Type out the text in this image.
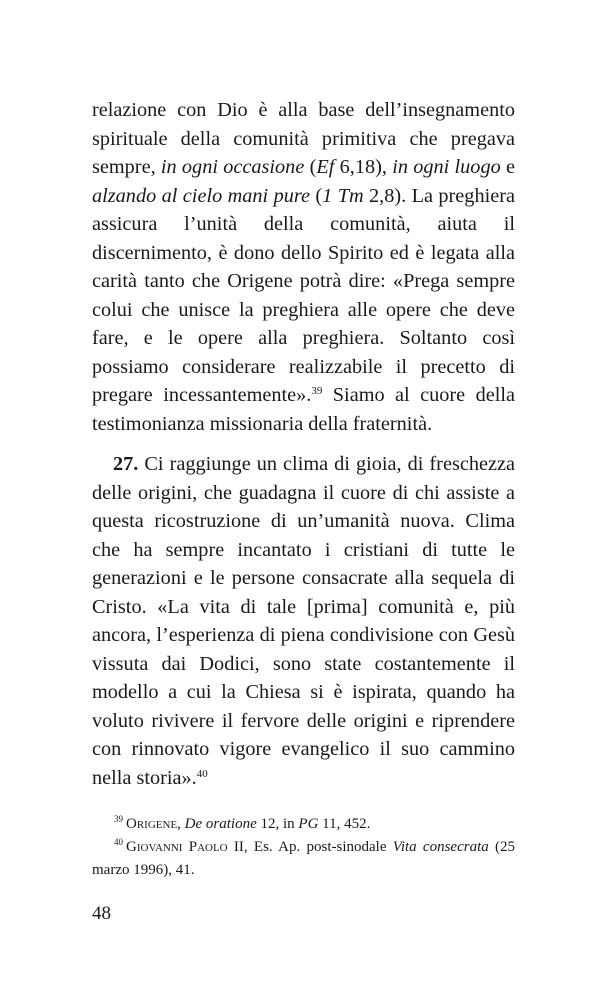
relazione con Dio è alla base dell’insegnamento spirituale della comunità primitiva che pregava sempre, in ogni occasione (Ef 6,18), in ogni luogo e alzando al cielo mani pure (1 Tm 2,8). La preghiera assicura l’unità della comunità, aiuta il discernimento, è dono dello Spirito ed è legata alla carità tanto che Origene potrà dire: «Prega sempre colui che unisce la preghiera alle opere che deve fare, e le opere alla preghiera. Soltanto così possiamo considerare realizzabile il precetto di pregare incessantemente».$^{39}$ Siamo al cuore della testimonianza missionaria della fraternità.

27. Ci raggiunge un clima di gioia, di freschezza delle origini, che guadagna il cuore di chi assiste a questa ricostruzione di un’umanità nuova. Clima che ha sempre incantato i cristiani di tutte le generazioni e le persone consacrate alla sequela di Cristo. «La vita di tale [prima] comunità e, più ancora, l’esperienza di piena condivisione con Gesù vissuta dai Dodici, sono state costantemente il modello a cui la Chiesa si è ispirata, quando ha voluto rivivere il fervore delle origini e riprendere con rinnovato vigore evangelico il suo cammino nella storia».$^{40}$

$^{39}$ Origene, De oratione 12, in PG 11, 452.

$^{40}$ Giovanni Paolo II, Es. Ap. post-sinodale Vita consecrata (25 marzo 1996), 41.

48
